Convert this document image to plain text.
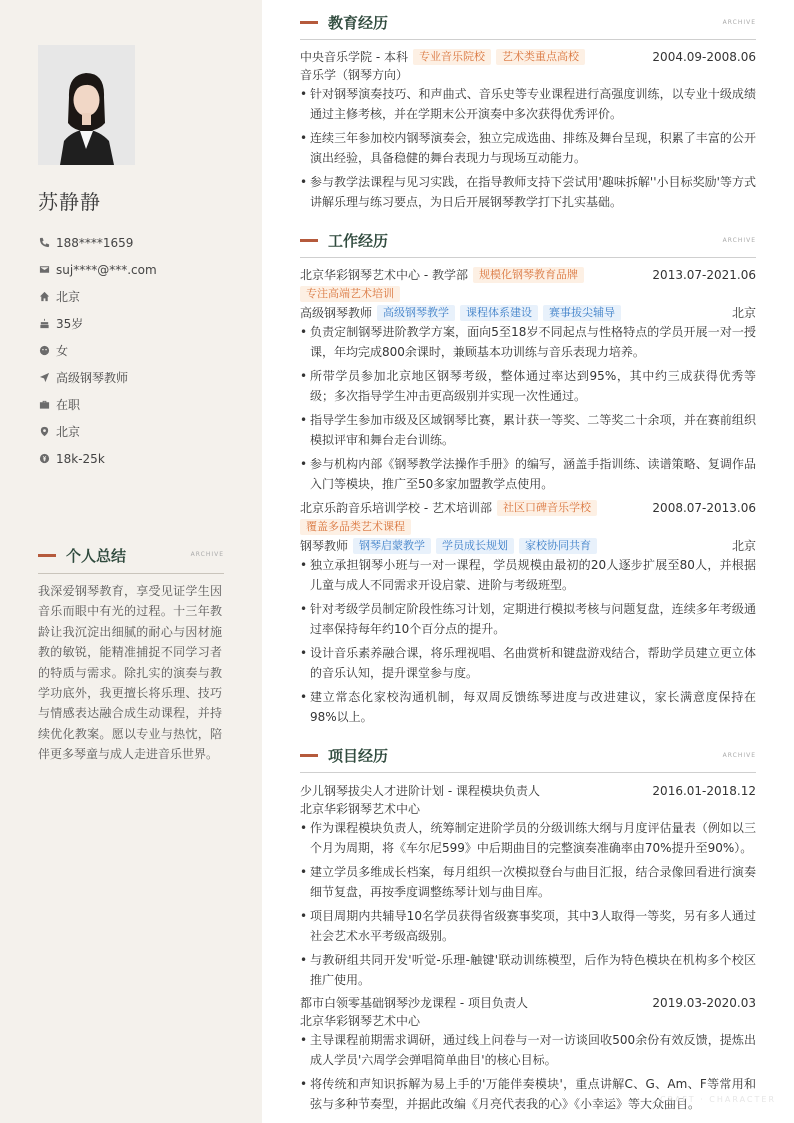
苏静静
188****1659
suj****@***.com
北京
35岁
女
高级钢琴教师
在职
北京
18k-25k
个人总结	ARCHIVE
我深爱钢琴教育，享受见证学生因音乐而眼中有光的过程。十三年教龄让我沉淀出细腻的耐心与因材施教的敏锐，能精准捕捉不同学习者的特质与需求。除扎实的演奏与教学功底外，我更擅长将乐理、技巧与情感表达融合成生动课程，并持续优化教案。愿以专业与热忱，陪伴更多琴童与成人走进音乐世界。
教育经历	ARCHIVE
中央音乐学院 - 本科	专业音乐院校	艺术类重点高校	2004.09-2008.06
音乐学（钢琴方向）
• 针对钢琴演奏技巧、和声曲式、音乐史等专业课程进行高强度训练，以专业十级成绩通过主修考核，并在学期末公开演奏中多次获得优秀评价。
• 连续三年参加校内钢琴演奏会，独立完成选曲、排练及舞台呈现，积累了丰富的公开演出经验，具备稳健的舞台表现力与现场互动能力。
• 参与教学法课程与见习实践，在指导教师支持下尝试用'趣味拆解''小目标奖励'等方式讲解乐理与练习要点，为日后开展钢琴教学打下扎实基础。
工作经历	ARCHIVE
北京华彩钢琴艺术中心 - 教学部	规模化钢琴教育品牌	2013.07-2021.06
专注高端艺术培训
高级钢琴教师	高级钢琴教学	课程体系建设	赛事拔尖辅导	北京
• 负责定制钢琴进阶教学方案，面向5至18岁不同起点与性格特点的学员开展一对一授课，年均完成800余课时，兼顾基本功训练与音乐表现力培养。
• 所带学员参加北京地区钢琴考级，整体通过率达到95%，其中约三成获得优秀等级；多次指导学生冲击更高级别并实现一次性通过。
• 指导学生参加市级及区域钢琴比赛，累计获一等奖、二等奖二十余项，并在赛前组织模拟评审和舞台走台训练。
• 参与机构内部《钢琴教学法操作手册》的编写，涵盖手指训练、读谱策略、复调作品入门等模块，推广至50多家加盟教学点使用。
北京乐韵音乐培训学校 - 艺术培训部	社区口碑音乐学校	2008.07-2013.06
覆盖多品类艺术课程
钢琴教师	钢琴启蒙教学	学员成长规划	家校协同共育	北京
• 独立承担钢琴小班与一对一课程，学员规模由最初的20人逐步扩展至80人，并根据儿童与成人不同需求开设启蒙、进阶与考级班型。
• 针对考级学员制定阶段性练习计划，定期进行模拟考核与问题复盘，连续多年考级通过率保持每年约10个百分点的提升。
• 设计音乐素养融合课，将乐理视唱、名曲赏析和键盘游戏结合，帮助学员建立更立体的音乐认知，提升课堂参与度。
• 建立常态化家校沟通机制，每双周反馈练琴进度与改进建议，家长满意度保持在98%以上。
项目经历	ARCHIVE
少儿钢琴拔尖人才进阶计划 - 课程模块负责人	2016.01-2018.12
北京华彩钢琴艺术中心
• 作为课程模块负责人，统筹制定进阶学员的分级训练大纲与月度评估量表（例如以三个月为周期，将《车尔尼599》中后期曲目的完整演奏准确率由70%提升至90%）。
• 建立学员多维成长档案，每月组织一次模拟登台与曲目汇报，结合录像回看进行演奏细节复盘，再按季度调整练琴计划与曲目库。
• 项目周期内共辅导10名学员获得省级赛事奖项，其中3人取得一等奖，另有多人通过社会艺术水平考级高级别。
• 与教研组共同开发'听觉-乐理-触键'联动训练模型，后作为特色模块在机构多个校区推广使用。
都市白领零基础钢琴沙龙课程 - 项目负责人	2019.03-2020.03
北京华彩钢琴艺术中心
• 主导课程前期需求调研，通过线上问卷与一对一访谈回收500余份有效反馈，提炼出成人学员'六周学会弹唱简单曲目'的核心目标。
• 将传统和声知识拆解为易上手的'万能伴奏模块'，重点讲解C、G、Am、F等常用和弦与多种节奏型，并据此改编《月亮代表我的心》《小幸运》等大众曲目。
CRAFT · CHARACTER
